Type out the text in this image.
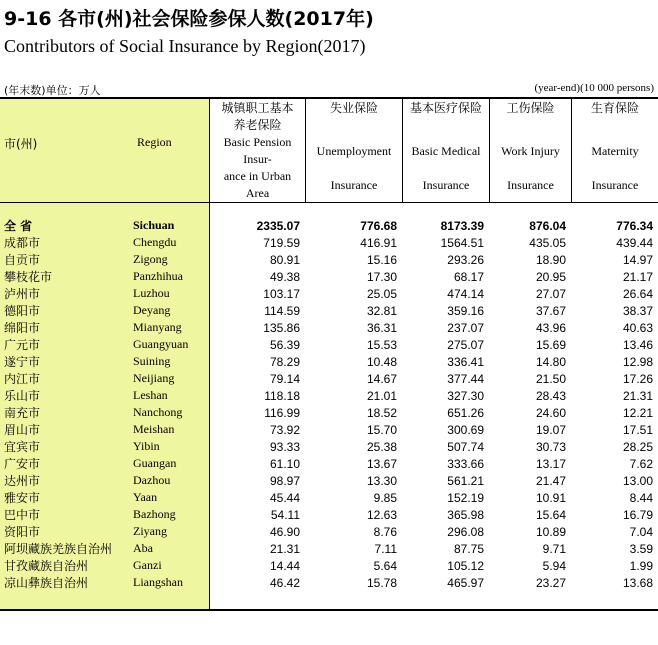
9-16 各市(州)社会保险参保人数(2017年)
Contributors of Social Insurance by Region(2017)
(年末数)单位：万人	(year-end)(10 000 persons)
市(州)	Region
城镇职工基本养老保险
Basic Pension Insur-
ance in Urban Area
失业保险
Unemployment
Insurance
基本医疗保险
Basic Medical
Insurance
工伤保险
Work Injury
Insurance
生育保险
Maternity
Insurance
全 省	Sichuan	2335.07	776.68	8173.39	876.04	776.34
成都市	Chengdu	719.59	416.91	1564.51	435.05	439.44
自贡市	Zigong	80.91	15.16	293.26	18.90	14.97
攀枝花市	Panzhihua	49.38	17.30	68.17	20.95	21.17
泸州市	Luzhou	103.17	25.05	474.14	27.07	26.64
德阳市	Deyang	114.59	32.81	359.16	37.67	38.37
绵阳市	Mianyang	135.86	36.31	237.07	43.96	40.63
广元市	Guangyuan	56.39	15.53	275.07	15.69	13.46
遂宁市	Suining	78.29	10.48	336.41	14.80	12.98
内江市	Neijiang	79.14	14.67	377.44	21.50	17.26
乐山市	Leshan	118.18	21.01	327.30	28.43	21.31
南充市	Nanchong	116.99	18.52	651.26	24.60	12.21
眉山市	Meishan	73.92	15.70	300.69	19.07	17.51
宜宾市	Yibin	93.33	25.38	507.74	30.73	28.25
广安市	Guangan	61.10	13.67	333.66	13.17	7.62
达州市	Dazhou	98.97	13.30	561.21	21.47	13.00
雅安市	Yaan	45.44	9.85	152.19	10.91	8.44
巴中市	Bazhong	54.11	12.63	365.98	15.64	16.79
资阳市	Ziyang	46.90	8.76	296.08	10.89	7.04
阿坝藏族羌族自治州	Aba	21.31	7.11	87.75	9.71	3.59
甘孜藏族自治州	Ganzi	14.44	5.64	105.12	5.94	1.99
凉山彝族自治州	Liangshan	46.42	15.78	465.97	23.27	13.68
